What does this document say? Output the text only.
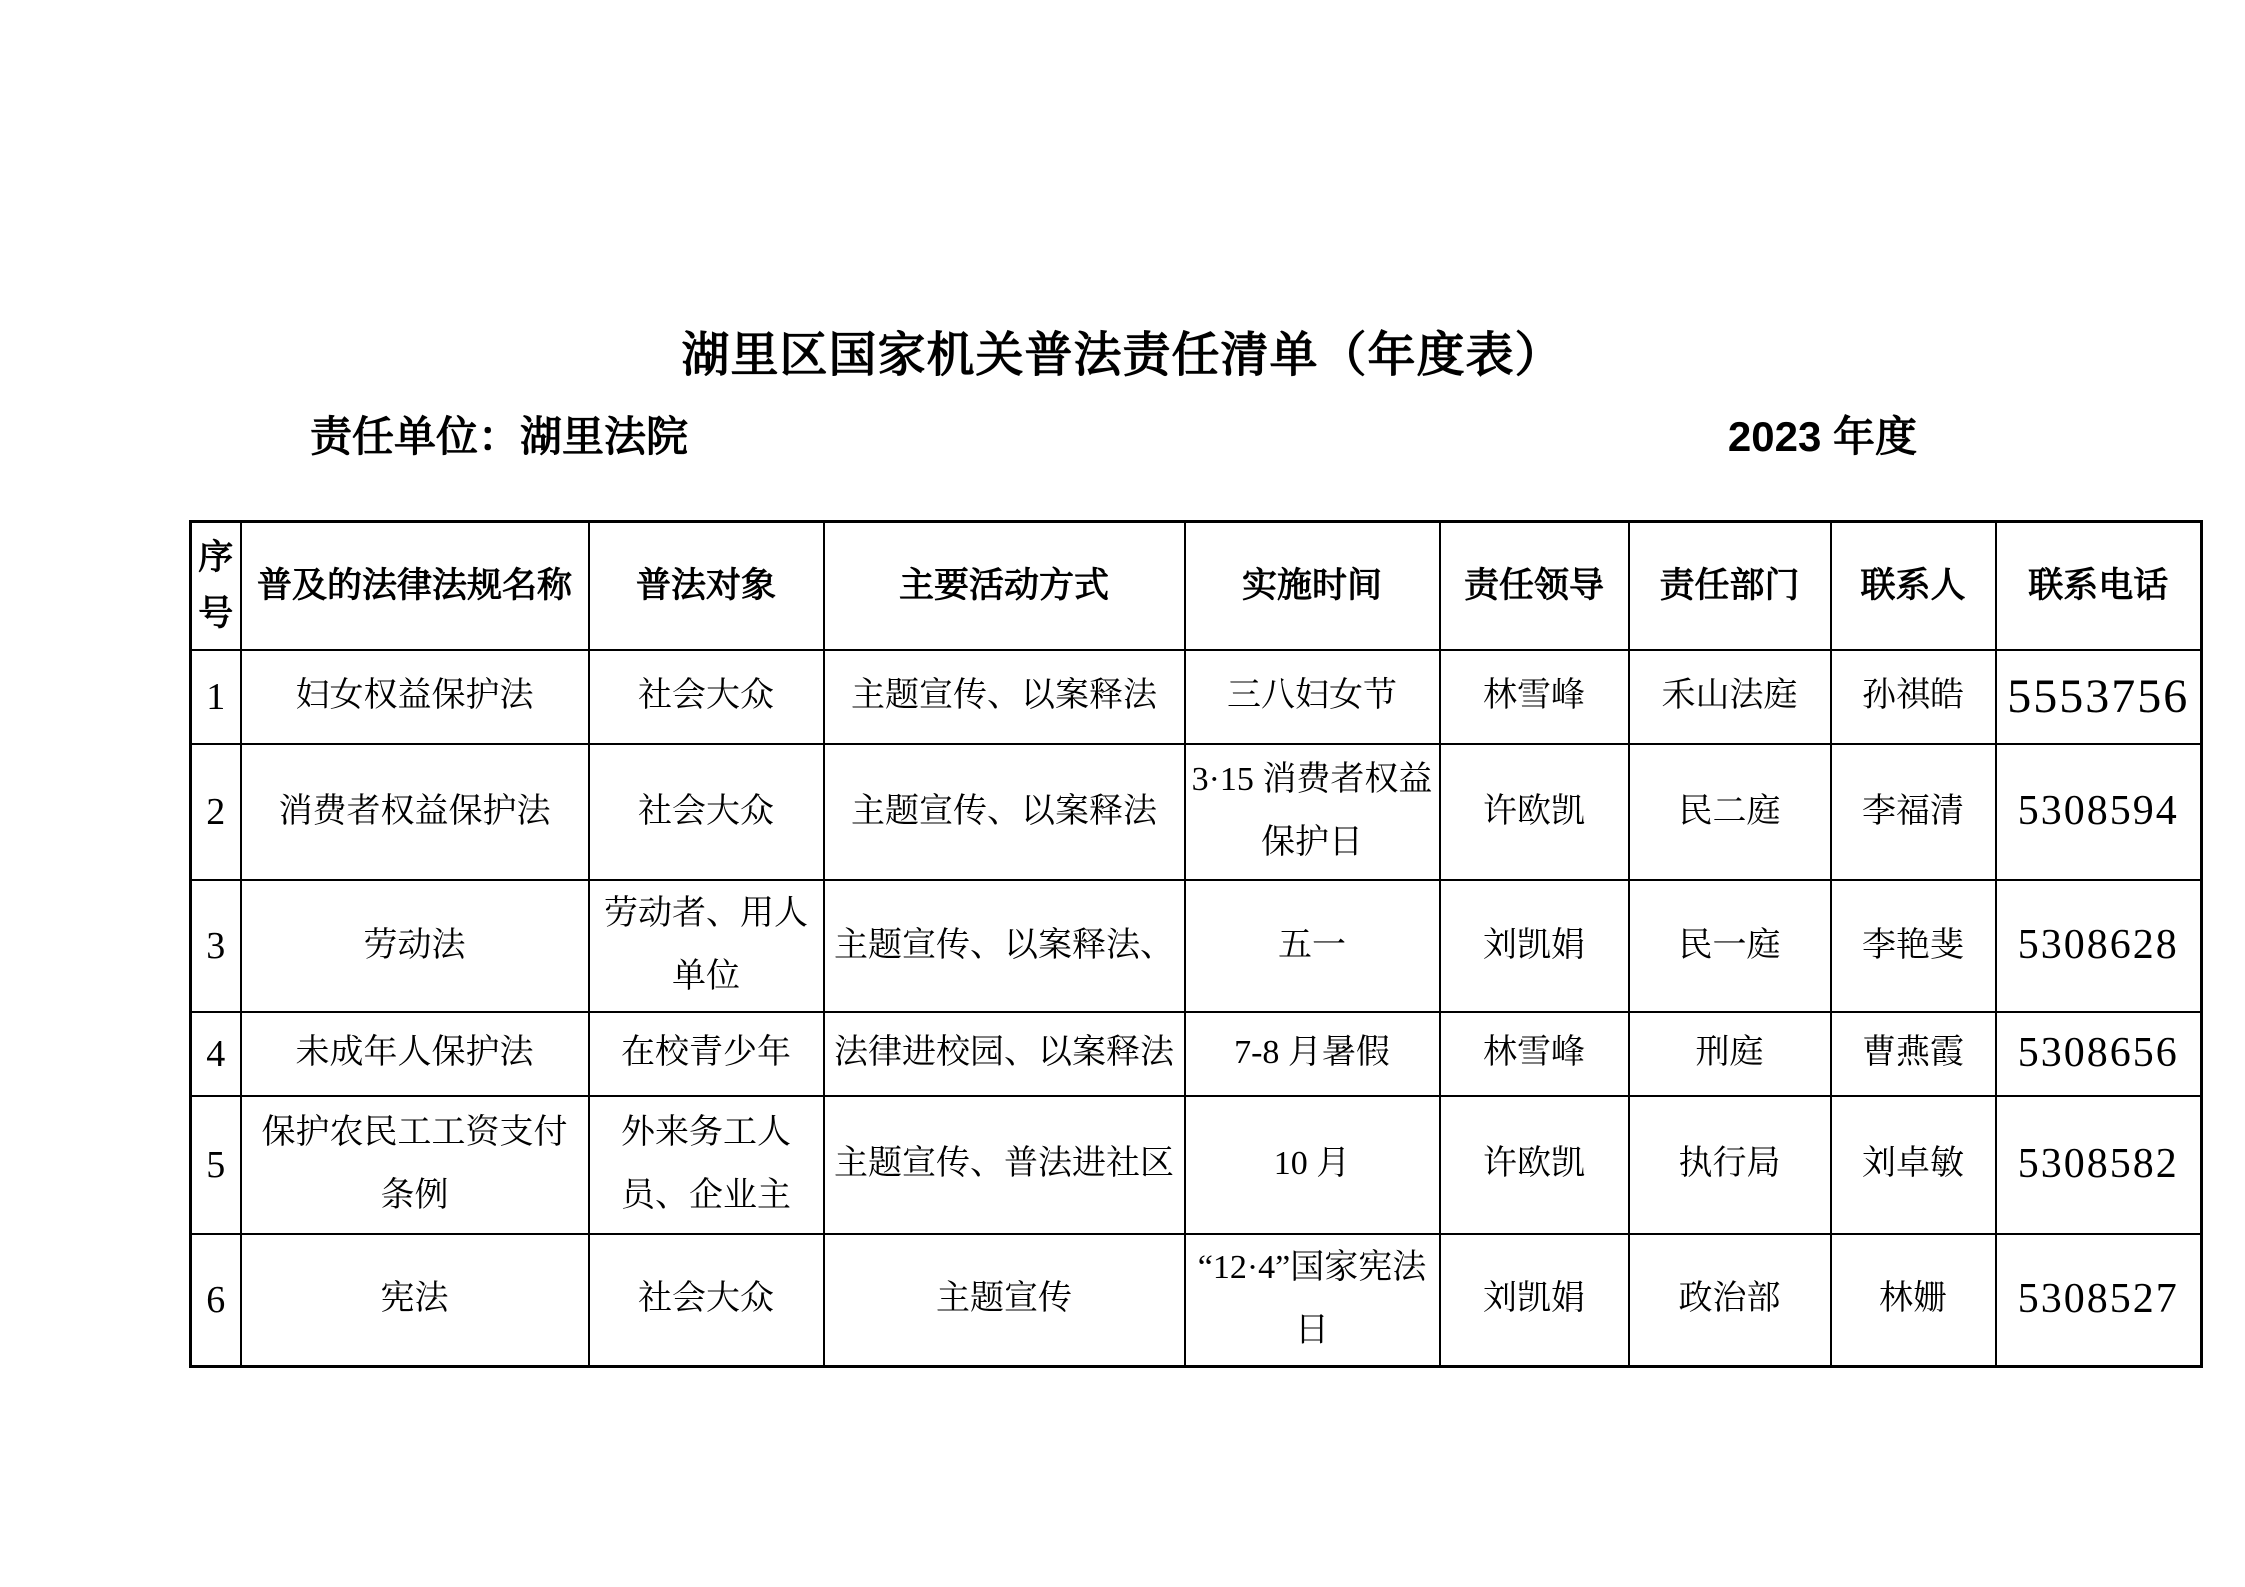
湖里区国家机关普法责任清单（年度表）
责任单位：湖里法院	2023 年度
序号	普及的法律法规名称	普法对象	主要活动方式	实施时间	责任领导	责任部门	联系人	联系电话
1	妇女权益保护法	社会大众	主题宣传、以案释法	三八妇女节	林雪峰	禾山法庭	孙祺皓	5553756
2	消费者权益保护法	社会大众	主题宣传、以案释法	3·15 消费者权益保护日	许欧凯	民二庭	李福清	5308594
3	劳动法	劳动者、用人单位	主题宣传、以案释法、	五一	刘凯娟	民一庭	李艳斐	5308628
4	未成年人保护法	在校青少年	法律进校园、以案释法	7-8 月暑假	林雪峰	刑庭	曹燕霞	5308656
5	保护农民工工资支付条例	外来务工人员、企业主	主题宣传、普法进社区	10 月	许欧凯	执行局	刘卓敏	5308582
6	宪法	社会大众	主题宣传	“12·4”国家宪法日	刘凯娟	政治部	林姗	5308527
